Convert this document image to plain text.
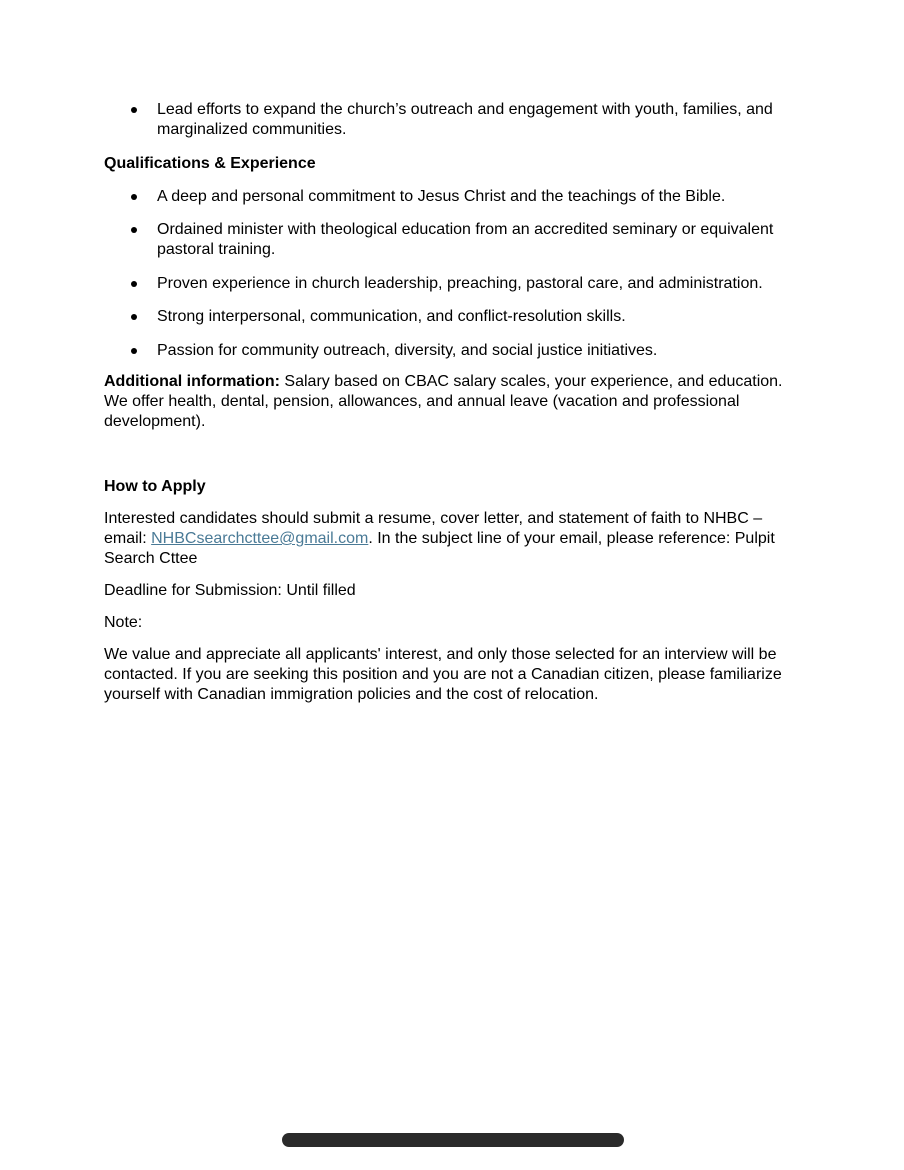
Lead efforts to expand the church’s outreach and engagement with youth, families, and marginalized communities.
Qualifications & Experience
A deep and personal commitment to Jesus Christ and the teachings of the Bible.
Ordained minister with theological education from an accredited seminary or equivalent pastoral training.
Proven experience in church leadership, preaching, pastoral care, and administration.
Strong interpersonal, communication, and conflict-resolution skills.
Passion for community outreach, diversity, and social justice initiatives.

Additional information: Salary based on CBAC salary scales, your experience, and education. We offer health, dental, pension, allowances, and annual leave (vacation and professional development).

How to Apply

Interested candidates should submit a resume, cover letter, and statement of faith to NHBC – email: NHBCsearchcttee@gmail.com. In the subject line of your email, please reference: Pulpit Search Cttee

Deadline for Submission: Until filled

Note:

We value and appreciate all applicants' interest, and only those selected for an interview will be contacted. If you are seeking this position and you are not a Canadian citizen, please familiarize yourself with Canadian immigration policies and the cost of relocation.
